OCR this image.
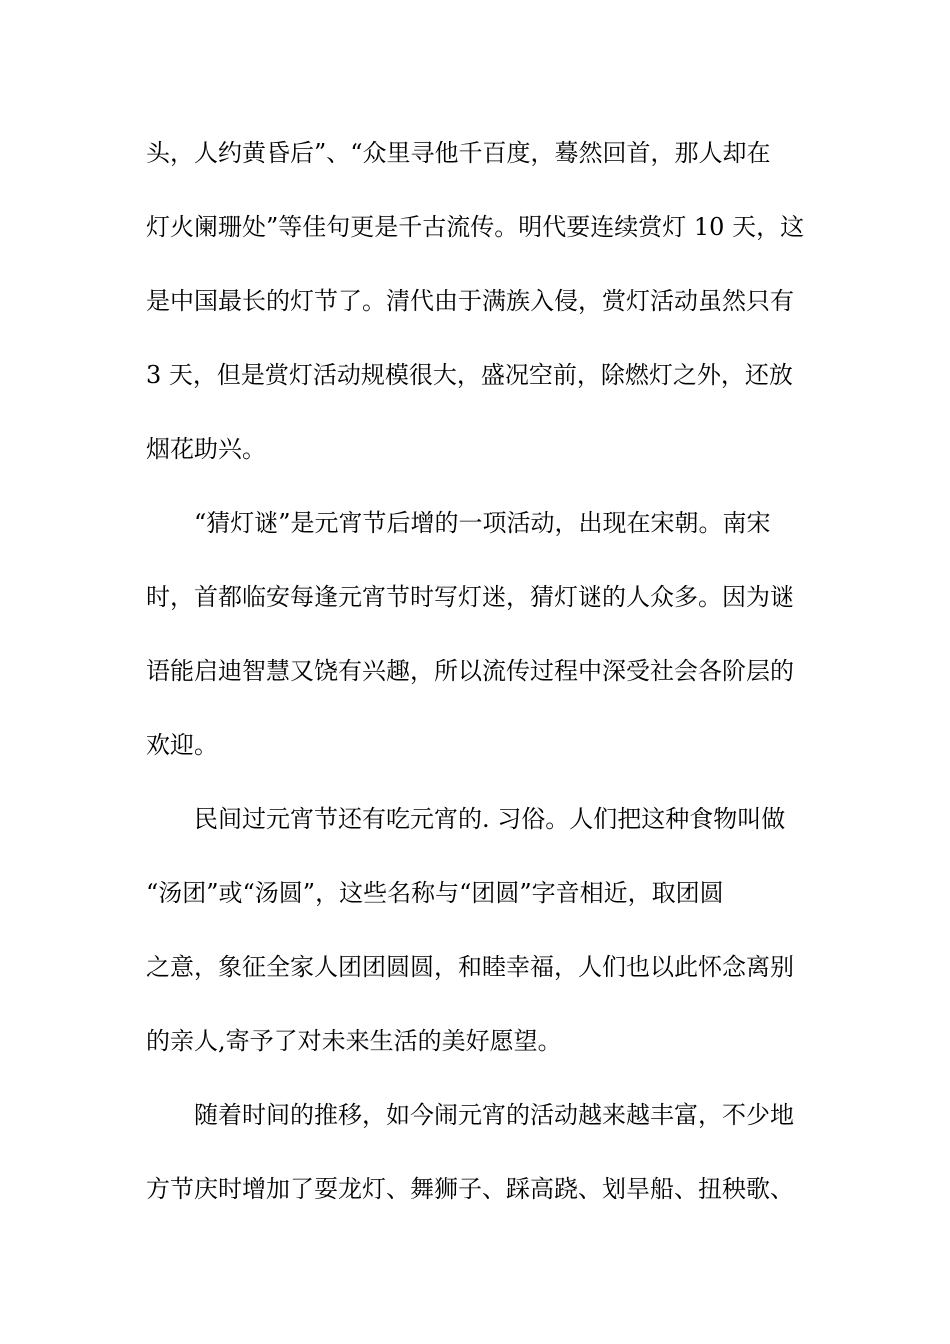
头，人约黄昏后”、“众里寻他千百度，蓦然回首，那人却在
灯火阑珊处”等佳句更是千古流传。明代要连续赏灯 10 天，这
是中国最长的灯节了。清代由于满族入侵，赏灯活动虽然只有
3 天，但是赏灯活动规模很大，盛况空前，除燃灯之外，还放
烟花助兴。
“猜灯谜”是元宵节后增的一项活动，出现在宋朝。南宋
时，首都临安每逢元宵节时写灯迷，猜灯谜的人众多。因为谜
语能启迪智慧又饶有兴趣，所以流传过程中深受社会各阶层的
欢迎。
民间过元宵节还有吃元宵的. 习俗。人们把这种食物叫做
“汤团”或“汤圆”，这些名称与“团圆”字音相近，取团圆
之意，象征全家人团团圆圆，和睦幸福，人们也以此怀念离别
的亲人,寄予了对未来生活的美好愿望。
随着时间的推移，如今闹元宵的活动越来越丰富，不少地
方节庆时增加了耍龙灯、舞狮子、踩高跷、划旱船、扭秧歌、
